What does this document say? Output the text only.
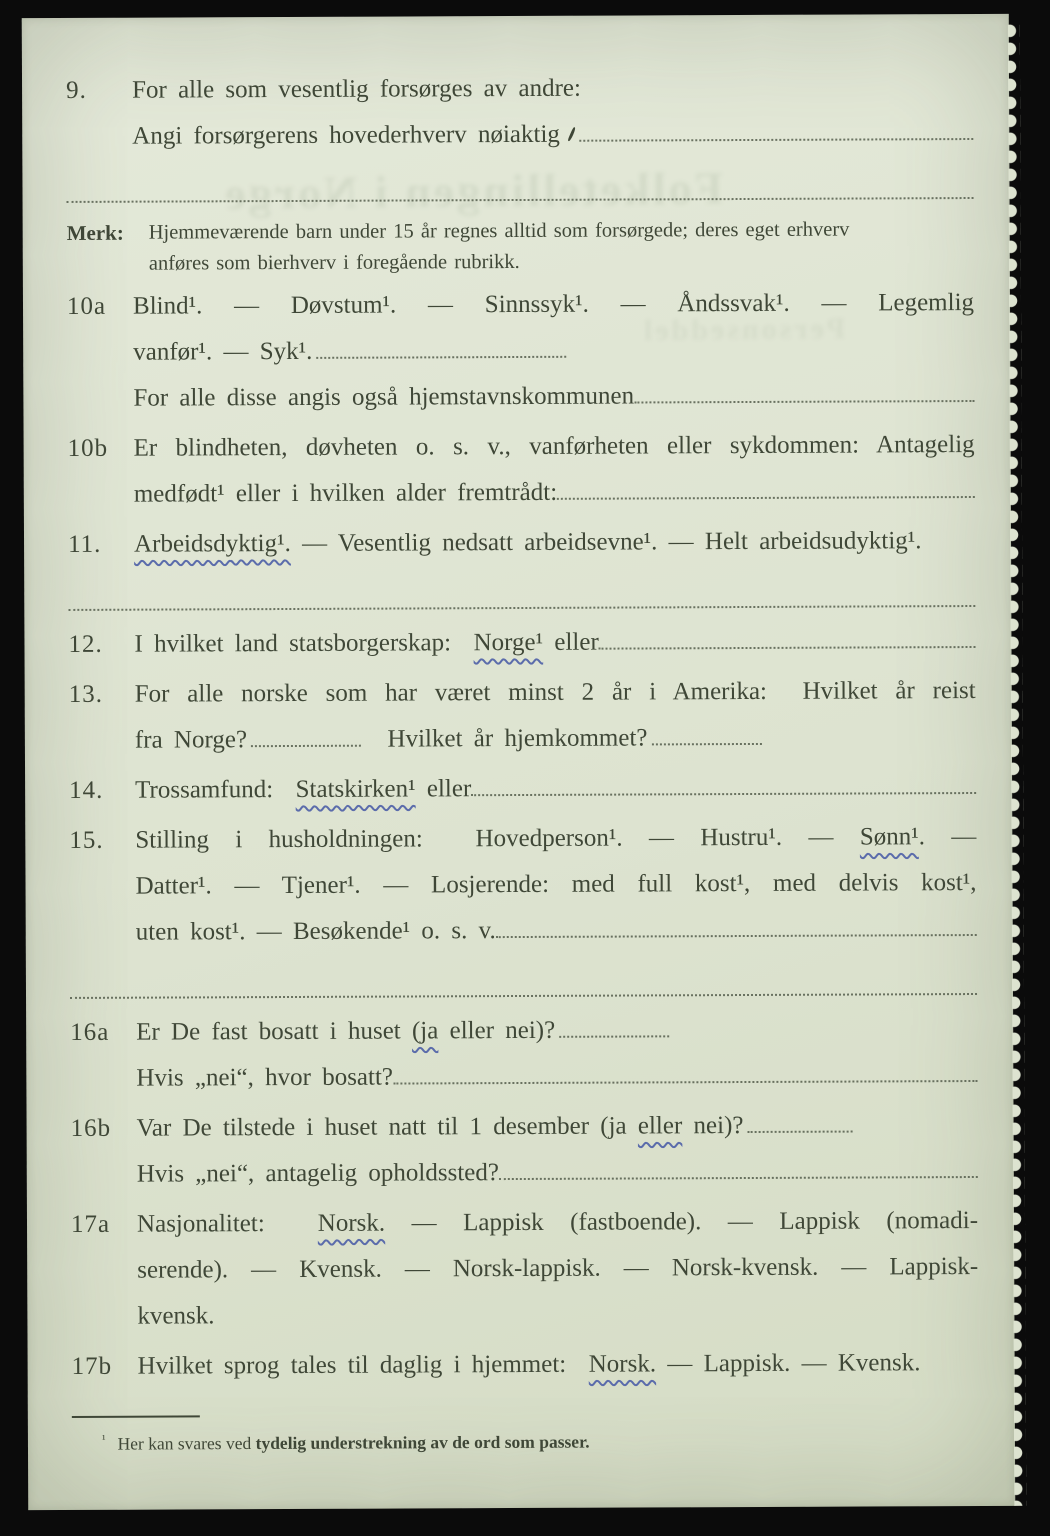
Folketellingen i Norge
Personseddel
9.	For alle som vesentlig forsørges av andre:
Angi forsørgerens hovederhverv nøiaktig
Merk:	Hjemmeværende barn under 15 år regnes alltid som forsørgede; deres eget erhverv
anføres som bierhverv i foregående rubrikk.
10a	Blind¹. — Døvstum¹. — Sinnssyk¹. — Åndssvak¹. — Legemlig
vanfør¹. — Syk¹.
For alle disse angis også hjemstavnskommunen
10b	Er blindheten, døvheten o. s. v., vanførheten eller sykdommen: Antagelig
medfødt¹ eller i hvilken alder fremtrådt:
11.	Arbeidsdyktig¹. — Vesentlig nedsatt arbeidsevne¹. — Helt arbeidsudyktig¹.
12.	I hvilket land statsborgerskap: Norge¹ eller
13.	For alle norske som har været minst 2 år i Amerika:  Hvilket år reist
fra Norge?	Hvilket år hjemkommet?
14.	Trossamfund: Statskirken¹ eller
15.	Stilling i husholdningen:  Hovedperson¹. — Hustru¹. — Sønn¹. —
Datter¹. — Tjener¹. — Losjerende: med full kost¹, med delvis kost¹,
uten kost¹. — Besøkende¹ o. s. v.
16a	Er De fast bosatt i huset (ja eller nei)?
Hvis „nei“, hvor bosatt?
16b	Var De tilstede i huset natt til 1 desember (ja eller nei)?
Hvis „nei“, antagelig opholdssted?
17a	Nasjonalitet:  Norsk. — Lappisk (fastboende). — Lappisk (nomadi-
serende). — Kvensk. — Norsk-lappisk. — Norsk-kvensk. — Lappisk-
kvensk.
17b	Hvilket sprog tales til daglig i hjemmet:  Norsk. — Lappisk. — Kvensk.
$^{^1}$ Her kan svares ved tydelig understrekning av de ord som passer.
